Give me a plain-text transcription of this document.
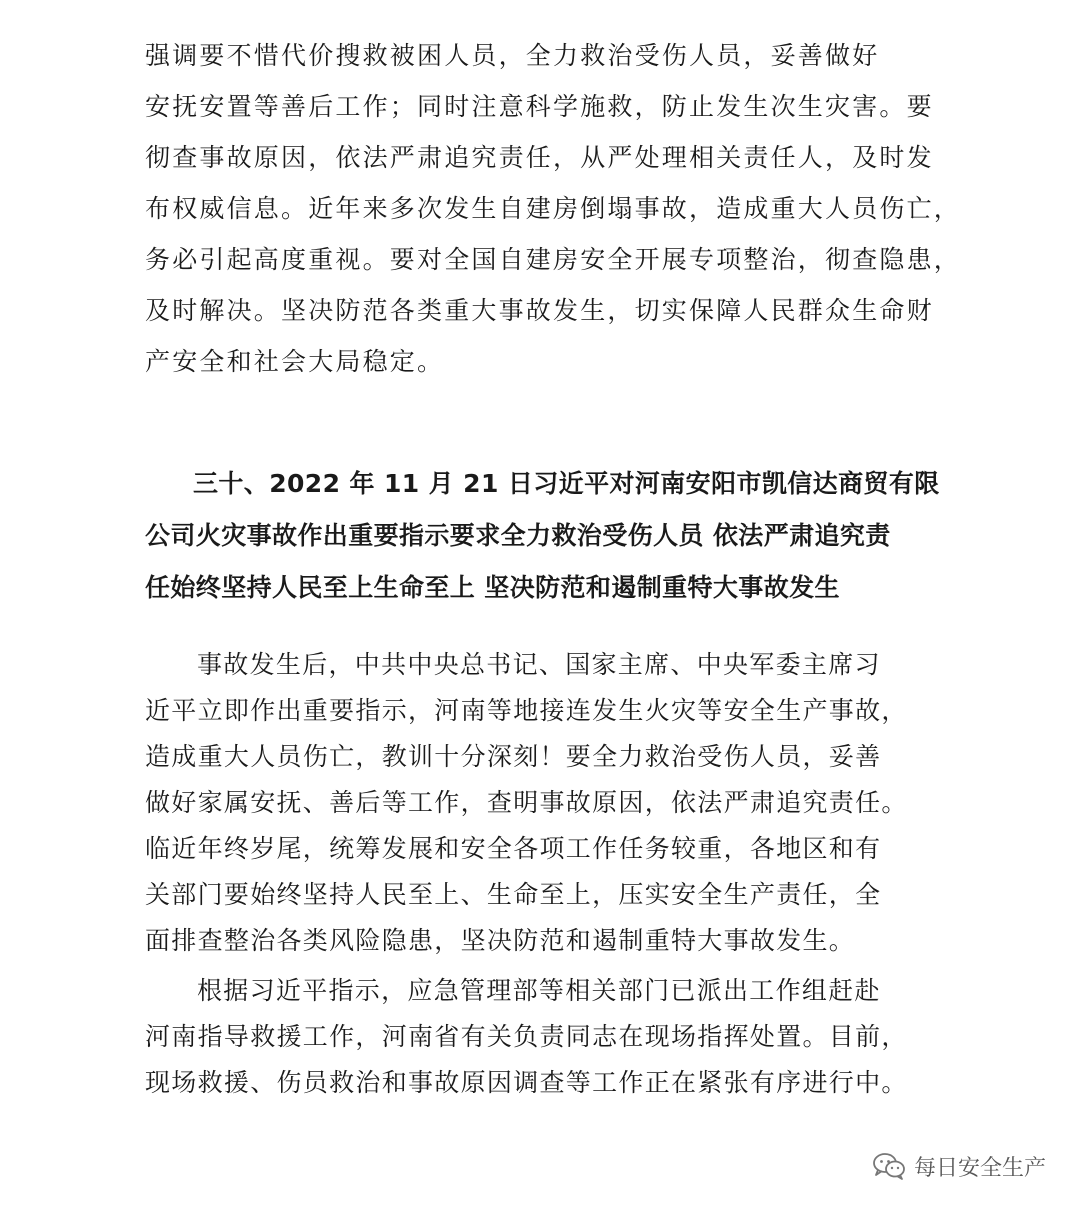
强调要不惜代价搜救被困人员，全力救治受伤人员，妥善做好
安抚安置等善后工作；同时注意科学施救，防止发生次生灾害。要
彻查事故原因，依法严肃追究责任，从严处理相关责任人，及时发
布权威信息。近年来多次发生自建房倒塌事故，造成重大人员伤亡，
务必引起高度重视。要对全国自建房安全开展专项整治，彻查隐患，
及时解决。坚决防范各类重大事故发生，切实保障人民群众生命财
产安全和社会大局稳定。
三十、2022 年 11 月 21 日习近平对河南安阳市凯信达商贸有限
公司火灾事故作出重要指示要求全力救治受伤人员 依法严肃追究责
任始终坚持人民至上生命至上 坚决防范和遏制重特大事故发生
事故发生后，中共中央总书记、国家主席、中央军委主席习
近平立即作出重要指示，河南等地接连发生火灾等安全生产事故，
造成重大人员伤亡，教训十分深刻！要全力救治受伤人员，妥善
做好家属安抚、善后等工作，查明事故原因，依法严肃追究责任。
临近年终岁尾，统筹发展和安全各项工作任务较重，各地区和有
关部门要始终坚持人民至上、生命至上，压实安全生产责任，全
面排查整治各类风险隐患，坚决防范和遏制重特大事故发生。
根据习近平指示，应急管理部等相关部门已派出工作组赶赴
河南指导救援工作，河南省有关负责同志在现场指挥处置。目前，
现场救援、伤员救治和事故原因调查等工作正在紧张有序进行中。
每日安全生产
